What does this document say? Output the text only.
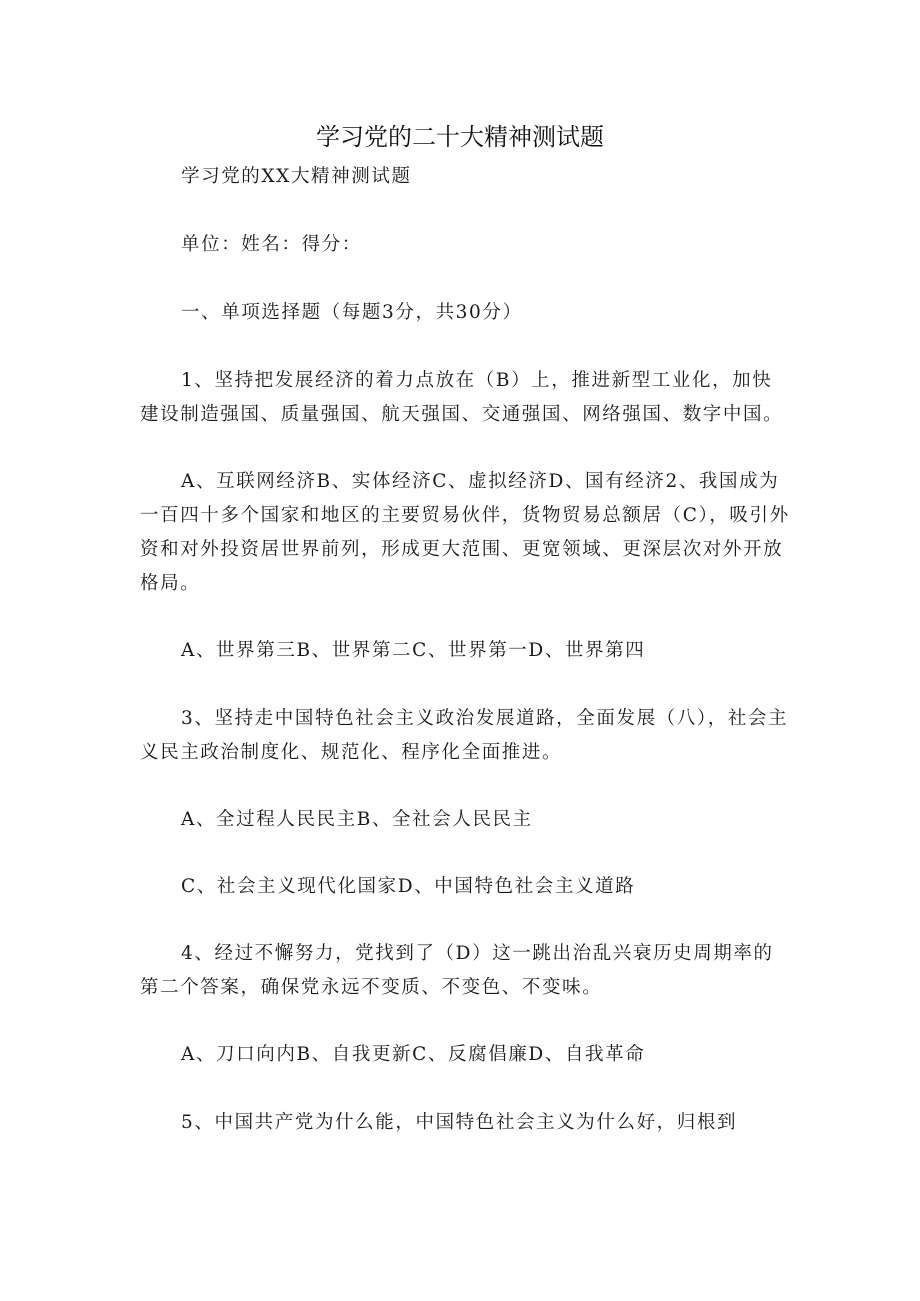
学习党的二十大精神测试题

学习党的XX大精神测试题

单位：姓名：得分：

一、单项选择题（每题3分，共30分）

1、坚持把发展经济的着力点放在（B）上，推进新型工业化，加快建设制造强国、质量强国、航天强国、交通强国、网络强国、数字中国。

A、互联网经济B、实体经济C、虚拟经济D、国有经济2、我国成为一百四十多个国家和地区的主要贸易伙伴，货物贸易总额居（C），吸引外资和对外投资居世界前列，形成更大范围、更宽领域、更深层次对外开放格局。

A、世界第三B、世界第二C、世界第一D、世界第四

3、坚持走中国特色社会主义政治发展道路，全面发展（八），社会主义民主政治制度化、规范化、程序化全面推进。

A、全过程人民民主B、全社会人民民主

C、社会主义现代化国家D、中国特色社会主义道路

4、经过不懈努力，党找到了（D）这一跳出治乱兴衰历史周期率的第二个答案，确保党永远不变质、不变色、不变味。

A、刀口向内B、自我更新C、反腐倡廉D、自我革命

5、中国共产党为什么能，中国特色社会主义为什么好，归根到
